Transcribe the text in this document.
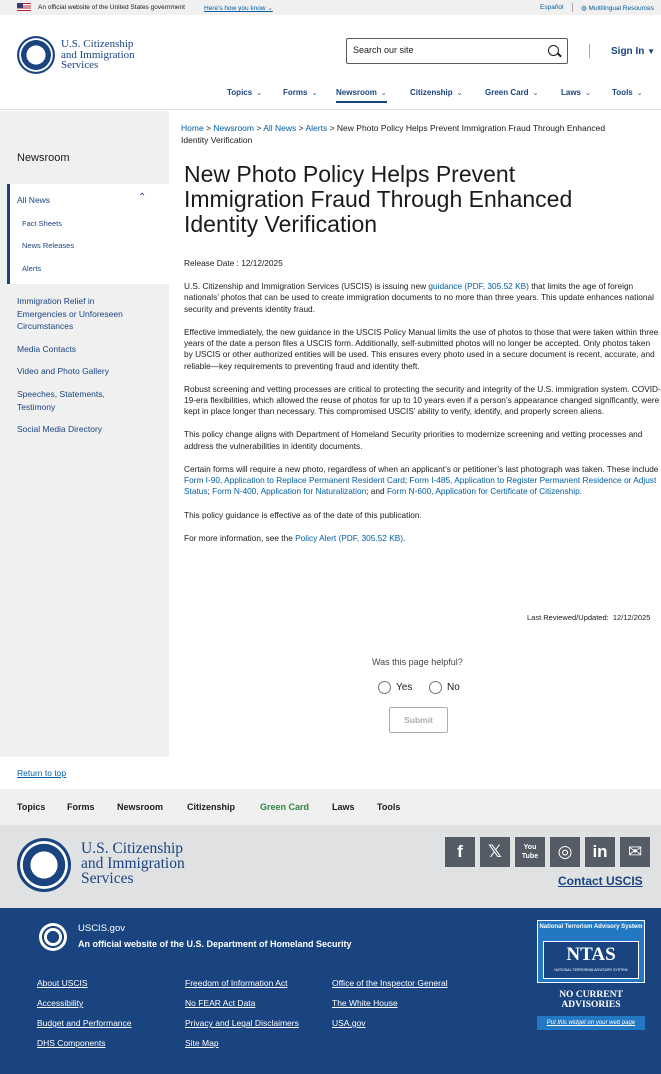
An official website of the United States government	Here's how you know ⌄	Español	◍ Multilingual Resources
U.S. Citizenship
and Immigration
Services
Search our site
Sign In ▼
Topics ⌄	Forms ⌄ Newsroom ⌄	Citizenship ⌄	Green Card ⌄	Laws ⌄	Tools ⌄
Newsroom
All News	⌃
Fact Sheets
News Releases
Alerts
Immigration Relief in Emergencies or Unforeseen Circumstances
Media Contacts
Video and Photo Gallery
Speeches, Statements, Testimony
Social Media Directory
Home > Newsroom > All News > Alerts > New Photo Policy Helps Prevent Immigration Fraud Through Enhanced Identity Verification
New Photo Policy Helps Prevent Immigration Fraud Through Enhanced Identity Verification

Release Date : 12/12/2025

U.S. Citizenship and Immigration Services (USCIS) is issuing new guidance (PDF, 305.52 KB) that limits the age of foreign nationals’ photos that can be used to create immigration documents to no more than three years. This update enhances national security and prevents identity fraud.

Effective immediately, the new guidance in the USCIS Policy Manual limits the use of photos to those that were taken within three years of the date a person files a USCIS form. Additionally, self-submitted photos will no longer be accepted. Only photos taken by USCIS or other authorized entities will be used. This ensures every photo used in a secure document is recent, accurate, and reliable—key requirements to preventing fraud and identity theft.

Robust screening and vetting processes are critical to protecting the security and integrity of the U.S. immigration system. COVID-19-era flexibilities, which allowed the reuse of photos for up to 10 years even if a person’s appearance changed significantly, were kept in place longer than necessary. This compromised USCIS’ ability to verify, identify, and properly screen aliens.

This policy change aligns with Department of Homeland Security priorities to modernize screening and vetting processes and address the vulnerabilities in identity documents.

Certain forms will require a new photo, regardless of when an applicant’s or petitioner’s last photograph was taken. These include Form I-90, Application to Replace Permanent Resident Card; Form I-485, Application to Register Permanent Residence or Adjust Status; Form N-400, Application for Naturalization; and Form N-600, Application for Certificate of Citizenship.

This policy guidance is effective as of the date of this publication.

For more information, see the Policy Alert (PDF, 305.52 KB).

Last Reviewed/Updated: 12/12/2025
Was this page helpful?
Yes	No
Submit
Return to top
Topics Forms Newsroom	Citizenship	Green Card	Laws Tools
U.S. Citizenship
and Immigration
Services
f	𝕏	You Tube	◎	in	✉
Contact USCIS
USCIS.gov
An official website of the U.S. Department of Homeland Security
About USCIS
Accessibility
Budget and Performance
DHS Components
Freedom of Information Act
No FEAR Act Data
Privacy and Legal Disclaimers
Site Map
Office of the Inspector General
The White House
USA.gov
National Terrorism Advisory System
NTAS
NATIONAL TERRORISM ADVISORY SYSTEM
NO CURRENT ADVISORIES
Put this widget on your web page
